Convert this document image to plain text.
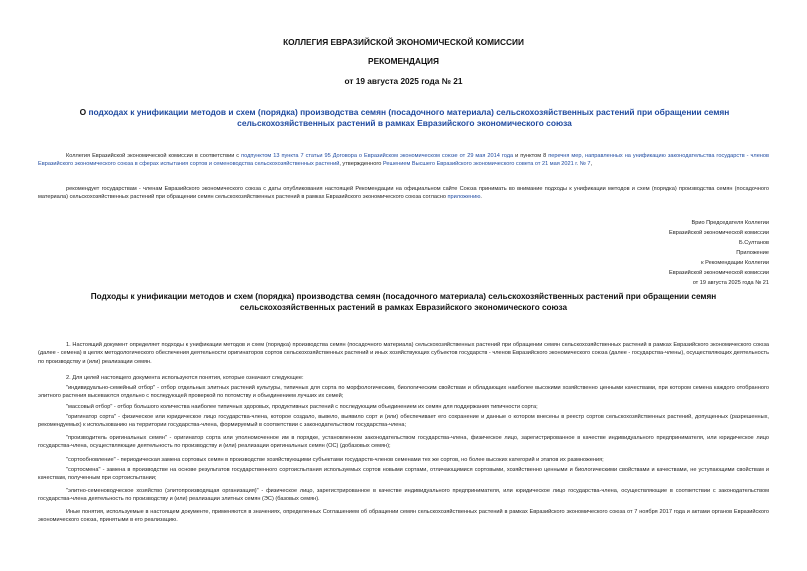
КОЛЛЕГИЯ ЕВРАЗИЙСКОЙ ЭКОНОМИЧЕСКОЙ КОМИССИИ
РЕКОМЕНДАЦИЯ
от 19 августа 2025 года № 21
О подходах к унификации методов и схем (порядка) производства семян (посадочного материала) сельскохозяйственных растений при обращении семян сельскохозяйственных растений в рамках Евразийского экономического союза
Коллегия Евразийской экономической комиссии в соответствии с подпунктом 13 пункта 7 статьи 95 Договора о Евразийском экономическом союзе от 29 мая 2014 года и пунктом 8 перечня мер, направленных на унификацию законодательства государств - членов Евразийского экономического союза в сферах испытания сортов и семеноводства сельскохозяйственных растений, утвержденного Решением Высшего Евразийского экономического совета от 21 мая 2021 г. № 7,
рекомендует государствам - членам Евразийского экономического союза с даты опубликования настоящей Рекомендации на официальном сайте Союза принимать во внимание подходы к унификации методов и схем (порядка) производства семян (посадочного материала) сельскохозяйственных растений при обращении семян сельскохозяйственных растений в рамках Евразийского экономического союза согласно приложению.
Врио Председателя Коллегии
Евразийской экономической комиссии
Б.Султанов
Приложение
к Рекомендации Коллегии
Евразийской экономической комиссии
от 19 августа 2025 года № 21
Подходы к унификации методов и схем (порядка) производства семян (посадочного материала) сельскохозяйственных растений при обращении семян сельскохозяйственных растений в рамках Евразийского экономического союза
1. Настоящий документ определяет подходы к унификации методов и схем (порядка) производства семян (посадочного материала) сельскохозяйственных растений при обращении семян сельскохозяйственных растений в рамках Евразийского экономического союза (далее - семена) в целях методологического обеспечения деятельности оригинаторов сортов сельскохозяйственных растений и иных хозяйствующих субъектов государств - членов Евразийского экономического союза (далее - государства-члены), осуществляющих деятельность по производству и (или) реализации семян.
2. Для целей настоящего документа используются понятия, которые означают следующее:
"индивидуально-семейный отбор" - отбор отдельных элитных растений культуры, типичных для сорта по морфологическим, биологическим свойствам и обладающих наиболее высокими хозяйственно ценными качествами, при котором семена каждого отобранного элитного растения высеваются отдельно с последующей проверкой по потомству и объединением лучших их семей;
"массовый отбор" - отбор большого количества наиболее типичных здоровых, продуктивных растений с последующим объединением их семян для поддержания типичности сорта;
"оригинатор сорта" - физическое или юридическое лицо государства-члена, которое создало, вывело, выявило сорт и (или) обеспечивает его сохранение и данные о котором внесены в реестр сортов сельскохозяйственных растений, допущенных (разрешенных, рекомендуемых) к использованию на территории государства-члена, формируемый в соответствии с законодательством государства-члена;
"производитель оригинальных семян" - оригинатор сорта или уполномоченное им в порядке, установленном законодательством государства-члена, физическое лицо, зарегистрированное в качестве индивидуального предпринимателя, или юридическое лицо государства-члена, осуществляющие деятельность по производству и (или) реализации оригинальных семян (ОС) (добазовых семян);
"сортообновление" - периодическая замена сортовых семян в производстве хозяйствующими субъектами государств-членов семенами тех же сортов, но более высоких категорий и этапов их размножения;
"сортосмена" - замена в производстве на основе результатов государственного сортоиспытания используемых сортов новыми сортами, отличающимися сортовыми, хозяйственно ценными и биологическими свойствами и качествами, не уступающими свойствам и качествам, полученным при сортоиспытании;
"элитно-семеноводческое хозяйство (элитопроизводящая организация)" - физическое лицо, зарегистрированное в качестве индивидуального предпринимателя, или юридическое лицо государства-члена, осуществляющие в соответствии с законодательством государства-члена деятельность по производству и (или) реализации элитных семян (ЭС) (базовых семян).
Иные понятия, используемые в настоящем документе, применяются в значениях, определенных Соглашением об обращении семян сельскохозяйственных растений в рамках Евразийского экономического союза от 7 ноября 2017 года и актами органов Евразийского экономического союза, принятыми в его реализацию.
